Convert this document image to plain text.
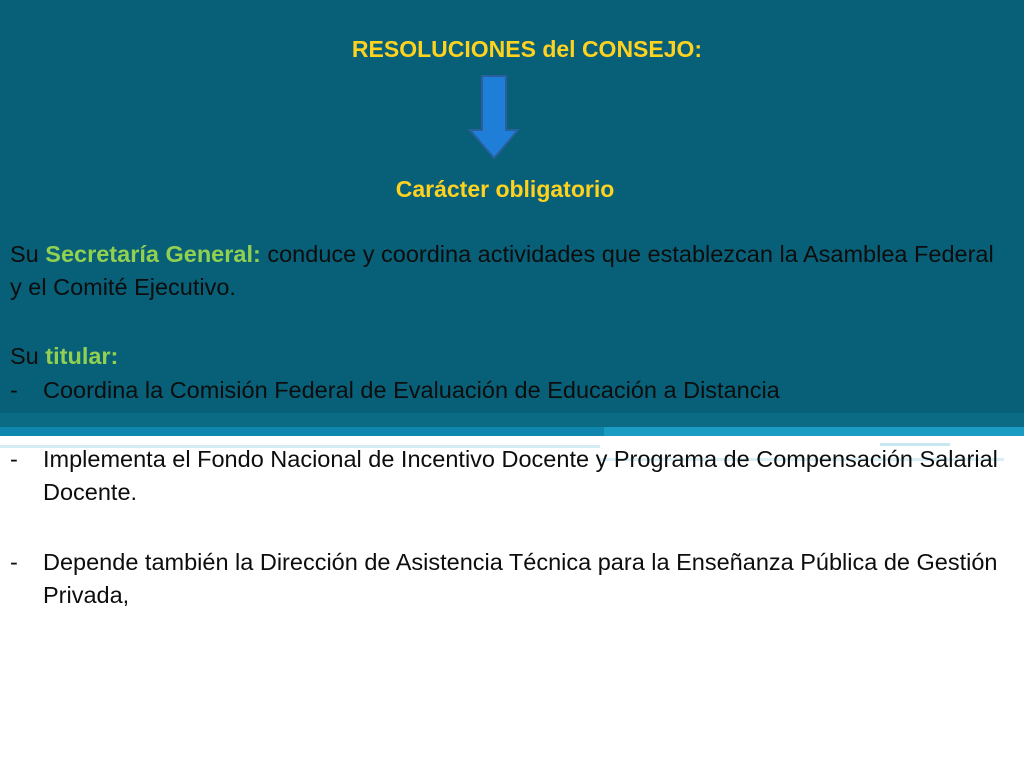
RESOLUCIONES del CONSEJO:
Carácter obligatorio
Su Secretaría General: conduce y coordina actividades que establezcan la Asamblea Federal y el Comité Ejecutivo.
Su titular:
- Coordina la Comisión Federal de Evaluación de Educación a Distancia
- Implementa el Fondo Nacional de Incentivo Docente y Programa de Compensación Salarial Docente.
- Depende también la Dirección de Asistencia Técnica para la Enseñanza Pública de Gestión Privada,
